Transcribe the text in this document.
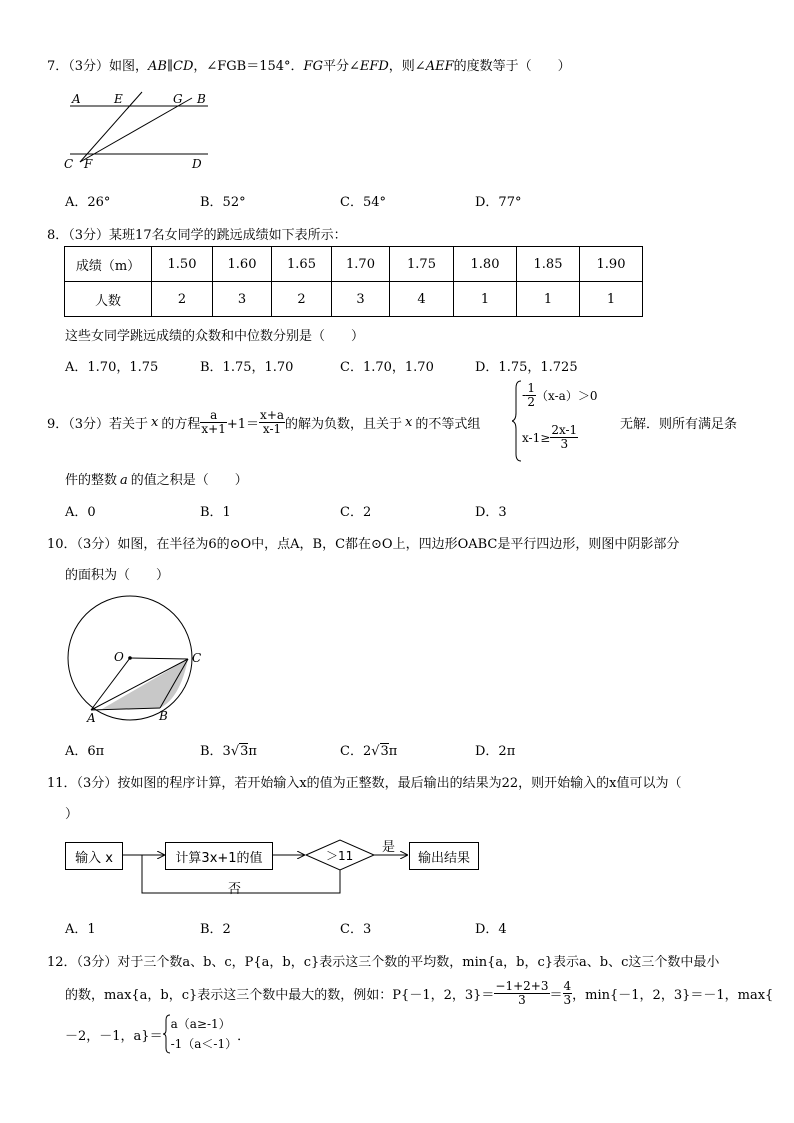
7．（3分）如图，AB∥CD，∠FGB＝154°．FG平分∠EFD，则∠AEF的度数等于（　　）
A	E	G B
C F	D
A．26°	B．52°	C．54°	D．77°
8．（3分）某班17名女同学的跳远成绩如下表所示：
成绩（m）	1.50	1.60	1.65	1.70	1.75	1.80	1.85	1.90
人数	2	3	2	3	4	1	1	1
这些女同学跳远成绩的众数和中位数分别是（　　）
A．1.70，1.75	B．1.75，1.70	C．1.70，1.70	D．1.75，1.725
9．（3分）若关于 x 的方程 $\frac{a}{x+1} +1= \frac{x+a}{x-1}$ 的解为负数，且关于 x 的不等式组
- $\frac{1}{2} (x-a)>0$
$x-1\ge \frac{2x-1}{3}$	无解．则所有满足条
件的整数 a 的值之积是（　　）
A．0	B．1	C．2	D．3
10．（3分）如图，在半径为6的⊙O中，点A，B，C都在⊙O上，四边形OABC是平行四边形，则图中阴影部分
的面积为（　　）
O	C
A	B
A．6π	B．3√3π	C．2√3π	D．2π
11．（3分）按如图的程序计算，若开始输入x的值为正整数，最后输出的结果为22，则开始输入的x值可以为（
）
输入 x	计算3x+1的值	＞11
是
输出结果
否
A．1	B．2	C．3	D．4
12．（3分）对于三个数a、b、c，P{a，b，c}表示这三个数的平均数，min{a，b，c}表示a、b、c这三个数中最小
的数，max{a，b，c}表示这三个数中最大的数，例如：P{－1，2，$3\}= \frac{-1+2+3}{3} = \frac{4}{3}$ ，min{－1，2，3}＝－1，max{
－2，－1，a}＝
a（a≥-1）
-1（a＜-1）
．
